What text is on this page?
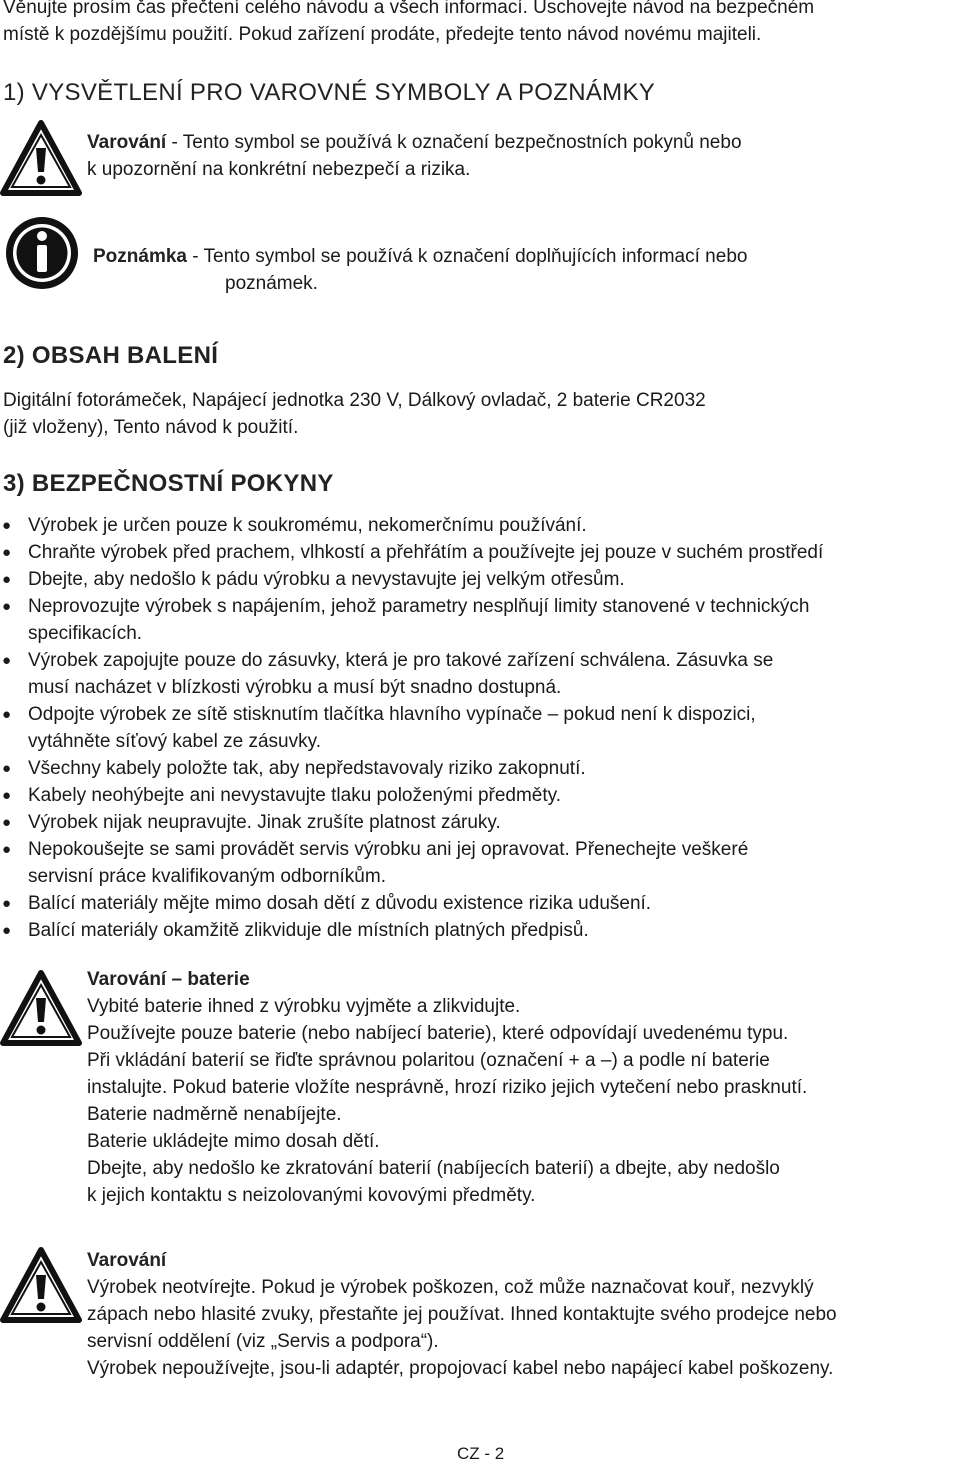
Věnujte prosím čas přečtení celého návodu a všech informací. Uschovejte návod na bezpečném
místě k pozdějšímu použití. Pokud zařízení prodáte, předejte tento návod novému majiteli.
1) VYSVĚTLENÍ PRO VAROVNÉ SYMBOLY A POZNÁMKY
Varování - Tento symbol se používá k označení bezpečnostních pokynů nebo
k upozornění na konkrétní nebezpečí a rizika.
Poznámka - Tento symbol se používá k označení doplňujících informací nebo
poznámek.
2) OBSAH BALENÍ
Digitální fotorámeček, Napájecí jednotka 230 V, Dálkový ovladač, 2 baterie CR2032
(již vloženy), Tento návod k použití.
3) BEZPEČNOSTNÍ POKYNY
● Výrobek je určen pouze k soukromému, nekomerčnímu používání.
● Chraňte výrobek před prachem, vlhkostí a přehřátím a používejte jej pouze v suchém prostředí
● Dbejte, aby nedošlo k pádu výrobku a nevystavujte jej velkým otřesům.
● Neprovozujte výrobek s napájením, jehož parametry nesplňují limity stanovené v technických
specifikacích.
● Výrobek zapojujte pouze do zásuvky, která je pro takové zařízení schválena. Zásuvka se
musí nacházet v blízkosti výrobku a musí být snadno dostupná.
● Odpojte výrobek ze sítě stisknutím tlačítka hlavního vypínače – pokud není k dispozici,
vytáhněte síťový kabel ze zásuvky.
● Všechny kabely položte tak, aby nepředstavovaly riziko zakopnutí.
● Kabely neohýbejte ani nevystavujte tlaku položenými předměty.
● Výrobek nijak neupravujte. Jinak zrušíte platnost záruky.
● Nepokoušejte se sami provádět servis výrobku ani jej opravovat. Přenechejte veškeré
servisní práce kvalifikovaným odborníkům.
● Balící materiály mějte mimo dosah dětí z důvodu existence rizika udušení.
● Balící materiály okamžitě zlikviduje dle místních platných předpisů.
Varování – baterie
Vybité baterie ihned z výrobku vyjměte a zlikvidujte.
Používejte pouze baterie (nebo nabíjecí baterie), které odpovídají uvedenému typu.
Při vkládání baterií se řiďte správnou polaritou (označení + a –) a podle ní baterie
instalujte. Pokud baterie vložíte nesprávně, hrozí riziko jejich vytečení nebo prasknutí.
Baterie nadměrně nenabíjejte.
Baterie ukládejte mimo dosah dětí.
Dbejte, aby nedošlo ke zkratování baterií (nabíjecích baterií) a dbejte, aby nedošlo
k jejich kontaktu s neizolovanými kovovými předměty.
Varování
Výrobek neotvírejte. Pokud je výrobek poškozen, což může naznačovat kouř, nezvyklý
zápach nebo hlasité zvuky, přestaňte jej používat. Ihned kontaktujte svého prodejce nebo
servisní oddělení (viz „Servis a podpora“).
Výrobek nepoužívejte, jsou-li adaptér, propojovací kabel nebo napájecí kabel poškozeny.
CZ - 2
